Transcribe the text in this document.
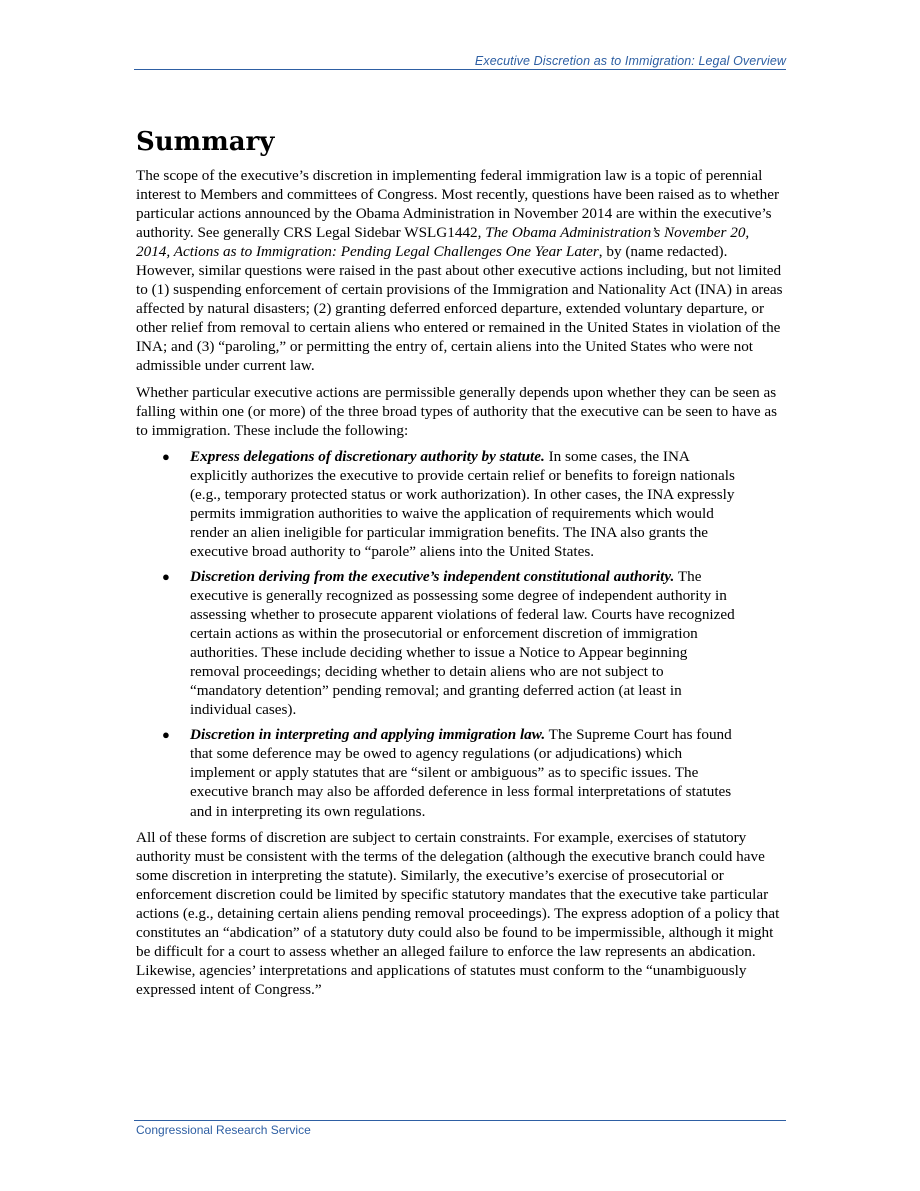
Executive Discretion as to Immigration: Legal Overview
Summary

The scope of the executive’s discretion in implementing federal immigration law is a topic of perennial interest to Members and committees of Congress. Most recently, questions have been raised as to whether particular actions announced by the Obama Administration in November 2014 are within the executive’s authority. See generally CRS Legal Sidebar WSLG1442, The Obama Administration’s November 20, 2014, Actions as to Immigration: Pending Legal Challenges One Year Later, by (name redacted). However, similar questions were raised in the past about other executive actions including, but not limited to (1) suspending enforcement of certain provisions of the Immigration and Nationality Act (INA) in areas affected by natural disasters; (2) granting deferred enforced departure, extended voluntary departure, or other relief from removal to certain aliens who entered or remained in the United States in violation of the INA; and (3) “paroling,” or permitting the entry of, certain aliens into the United States who were not admissible under current law.

Whether particular executive actions are permissible generally depends upon whether they can be seen as falling within one (or more) of the three broad types of authority that the executive can be seen to have as to immigration. These include the following:

● Express delegations of discretionary authority by statute. In some cases, the INA explicitly authorizes the executive to provide certain relief or benefits to foreign nationals (e.g., temporary protected status or work authorization). In other cases, the INA expressly permits immigration authorities to waive the application of requirements which would render an alien ineligible for particular immigration benefits. The INA also grants the executive broad authority to “parole” aliens into the United States.
● Discretion deriving from the executive’s independent constitutional authority. The executive is generally recognized as possessing some degree of independent authority in assessing whether to prosecute apparent violations of federal law. Courts have recognized certain actions as within the prosecutorial or enforcement discretion of immigration authorities. These include deciding whether to issue a Notice to Appear beginning removal proceedings; deciding whether to detain aliens who are not subject to “mandatory detention” pending removal; and granting deferred action (at least in individual cases).
● Discretion in interpreting and applying immigration law. The Supreme Court has found that some deference may be owed to agency regulations (or adjudications) which implement or apply statutes that are “silent or ambiguous” as to specific issues. The executive branch may also be afforded deference in less formal interpretations of statutes and in interpreting its own regulations.

All of these forms of discretion are subject to certain constraints. For example, exercises of statutory authority must be consistent with the terms of the delegation (although the executive branch could have some discretion in interpreting the statute). Similarly, the executive’s exercise of prosecutorial or enforcement discretion could be limited by specific statutory mandates that the executive take particular actions (e.g., detaining certain aliens pending removal proceedings). The express adoption of a policy that constitutes an “abdication” of a statutory duty could also be found to be impermissible, although it might be difficult for a court to assess whether an alleged failure to enforce the law represents an abdication. Likewise, agencies’ interpretations and applications of statutes must conform to the “unambiguously expressed intent of Congress.”

Congressional Research Service
